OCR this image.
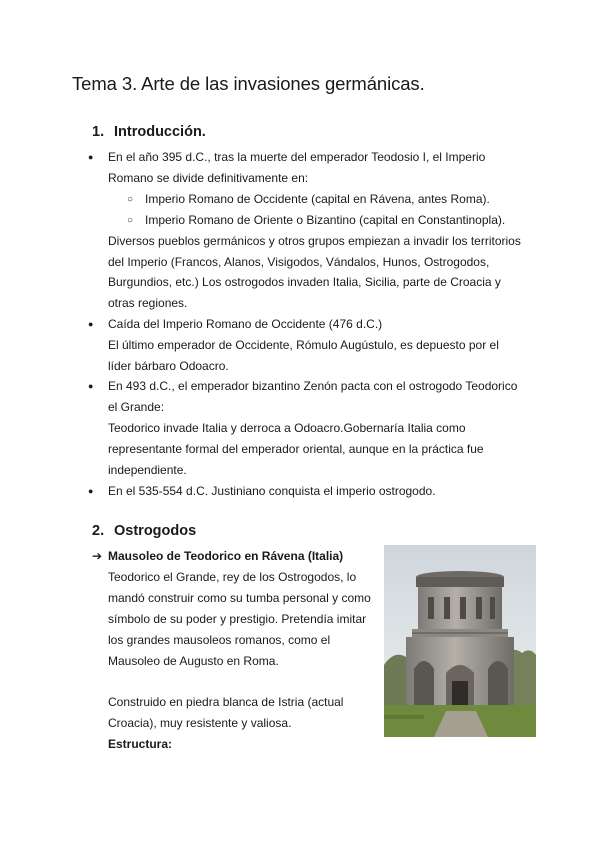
Tema 3. Arte de las invasiones germánicas.
1. Introducción.
● En el año 395 d.C., tras la muerte del emperador Teodosio I, el Imperio
Romano se divide definitivamente en:
○ Imperio Romano de Occidente (capital en Rávena, antes Roma).
○ Imperio Romano de Oriente o Bizantino (capital en Constantinopla).
Diversos pueblos germánicos y otros grupos empiezan a invadir los territorios
del Imperio (Francos, Alanos, Visigodos, Vándalos, Hunos, Ostrogodos,
Burgundios, etc.) Los ostrogodos invaden Italia, Sicilia, parte de Croacia y
otras regiones.
● Caída del Imperio Romano de Occidente (476 d.C.)
El último emperador de Occidente, Rómulo Augústulo, es depuesto por el
líder bárbaro Odoacro.
● En 493 d.C., el emperador bizantino Zenón pacta con el ostrogodo Teodorico
el Grande:
Teodorico invade Italia y derroca a Odoacro.Gobernaría Italia como
representante formal del emperador oriental, aunque en la práctica fue
independiente.
● En el 535-554 d.C. Justiniano conquista el imperio ostrogodo.
2. Ostrogodos
➔ Mausoleo de Teodorico en Rávena (Italia)
Teodorico el Grande, rey de los Ostrogodos, lo
mandó construir como su tumba personal y como
símbolo de su poder y prestigio. Pretendía imitar
los grandes mausoleos romanos, como el
Mausoleo de Augusto en Roma.
Construido en piedra blanca de Istria (actual
Croacia), muy resistente y valiosa.
Estructura:
